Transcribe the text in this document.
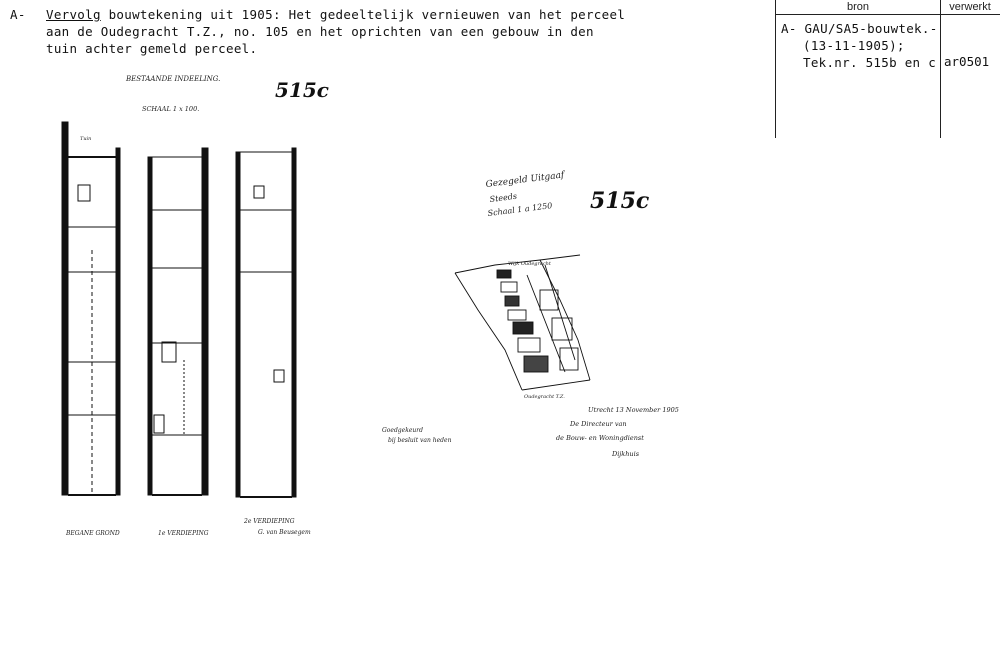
A- Vervolg bouwtekening uit 1905: Het gedeeltelijk vernieuwen van het perceel
aan de Oudegracht T.Z., no. 105 en het oprichten van een gebouw in den
tuin achter gemeld perceel.
bron	verwerkt
A- GAU/SA5-bouwtek.-
(13-11-1905);
Tek.nr. 515b en c ar0501
BESTAANDE INDEELING.
SCHAAL 1 x 100.
515c
Tuin
BEGANE GROND	1e VERDIEPING
2e VERDIEPING
G. van Beusegem
Gezegeld Uitgaaf
Steeds
Schaal 1 a 1250 515c
Wijk Oudegracht
Oudegracht T.Z.
Goedgekeurd
bij besluit van heden
Utrecht 13 November 1905
De Directeur van
de Bouw- en Woningdienst
Dijkhuis
